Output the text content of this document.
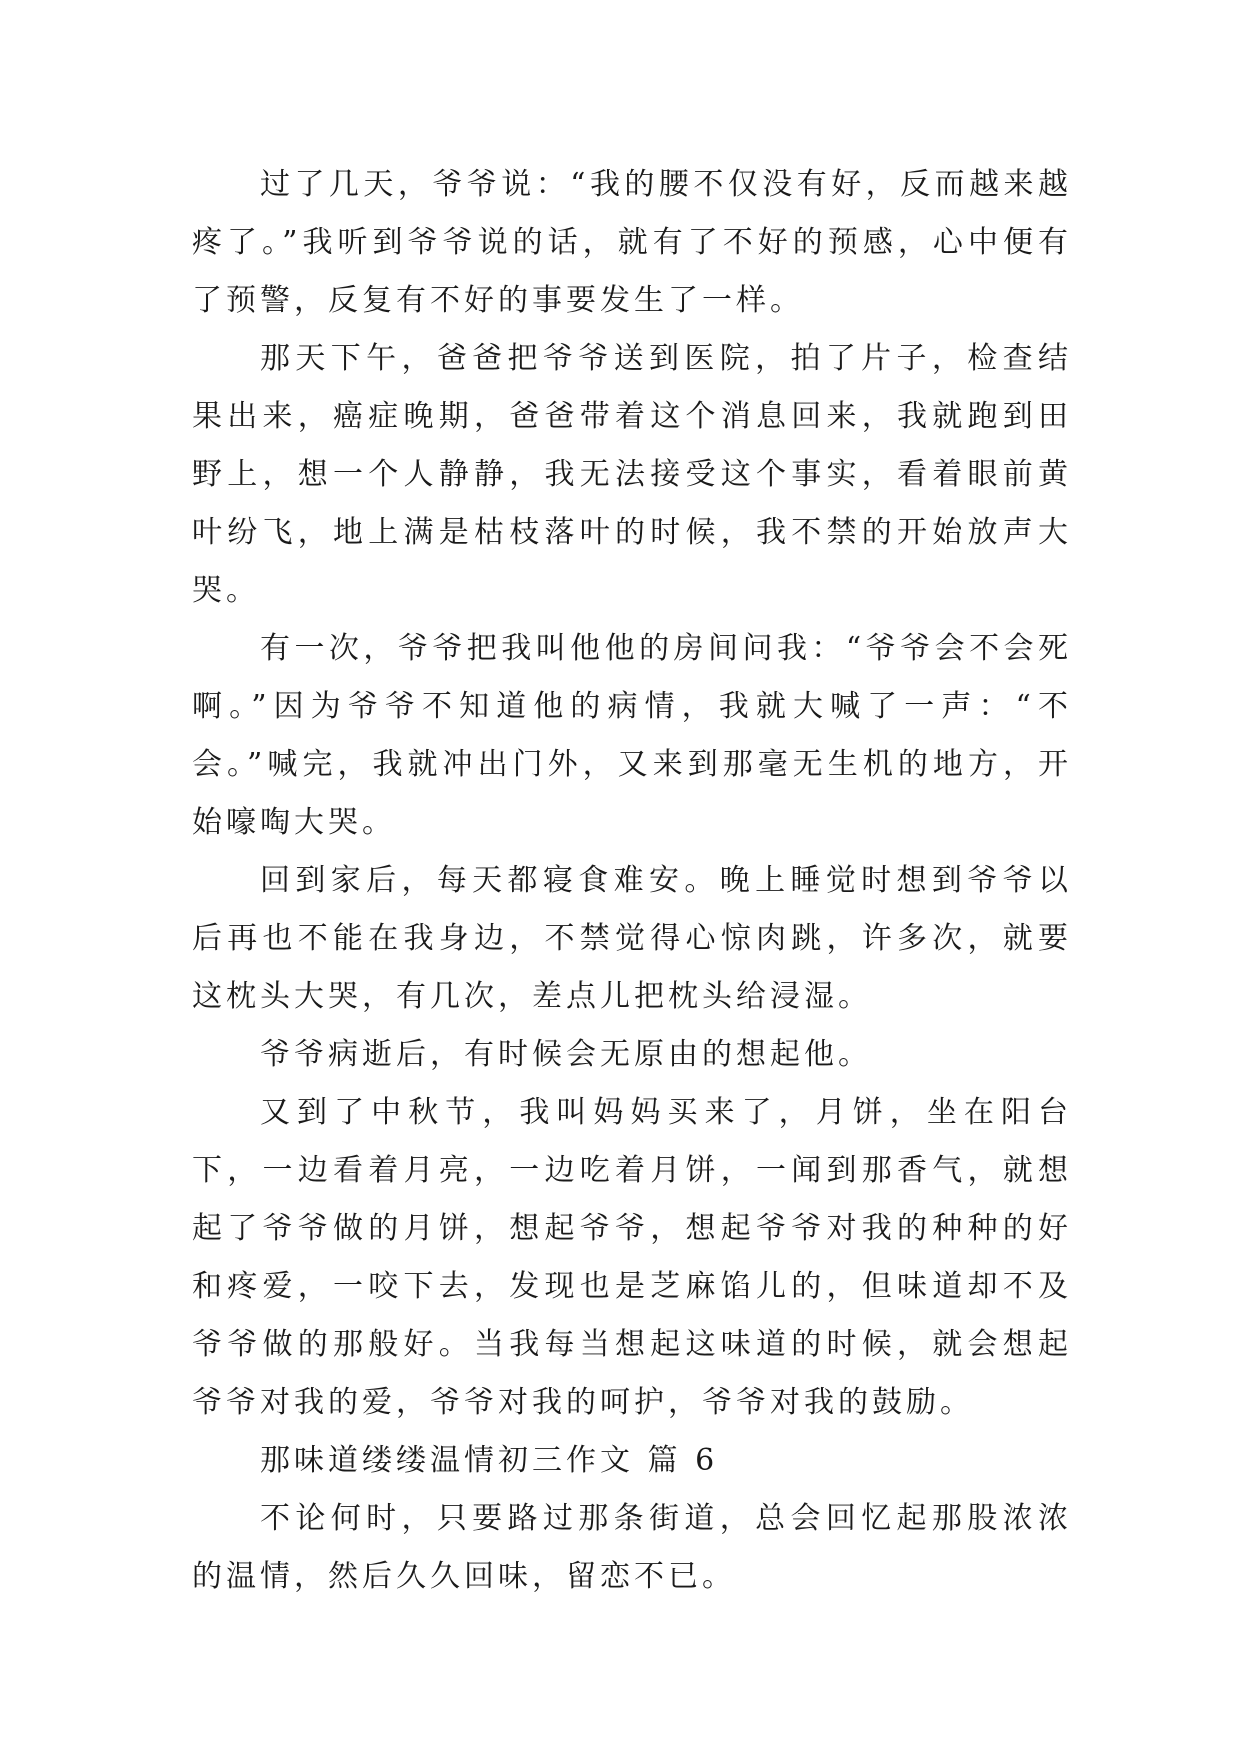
过了几天，爷爷说：“我的腰不仅没有好，反而越来越疼了。”我听到爷爷说的话，就有了不好的预感，心中便有了预警，反复有不好的事要发生了一样。

那天下午，爸爸把爷爷送到医院，拍了片子，检查结果出来，癌症晚期，爸爸带着这个消息回来，我就跑到田野上，想一个人静静，我无法接受这个事实，看着眼前黄叶纷飞，地上满是枯枝落叶的时候，我不禁的开始放声大哭。

有一次，爷爷把我叫他他的房间问我：“爷爷会不会死啊。”因为爷爷不知道他的病情，我就大喊了一声：“不会。”喊完，我就冲出门外，又来到那毫无生机的地方，开始嚎啕大哭。

回到家后，每天都寝食难安。晚上睡觉时想到爷爷以后再也不能在我身边，不禁觉得心惊肉跳，许多次，就要这枕头大哭，有几次，差点儿把枕头给浸湿。

爷爷病逝后，有时候会无原由的想起他。

又到了中秋节，我叫妈妈买来了，月饼，坐在阳台下，一边看着月亮，一边吃着月饼，一闻到那香气，就想起了爷爷做的月饼，想起爷爷，想起爷爷对我的种种的好和疼爱，一咬下去，发现也是芝麻馅儿的，但味道却不及爷爷做的那般好。当我每当想起这味道的时候，就会想起爷爷对我的爱，爷爷对我的呵护，爷爷对我的鼓励。

那味道缕缕温情初三作文 篇 6

不论何时，只要路过那条街道，总会回忆起那股浓浓的温情，然后久久回味，留恋不已。
